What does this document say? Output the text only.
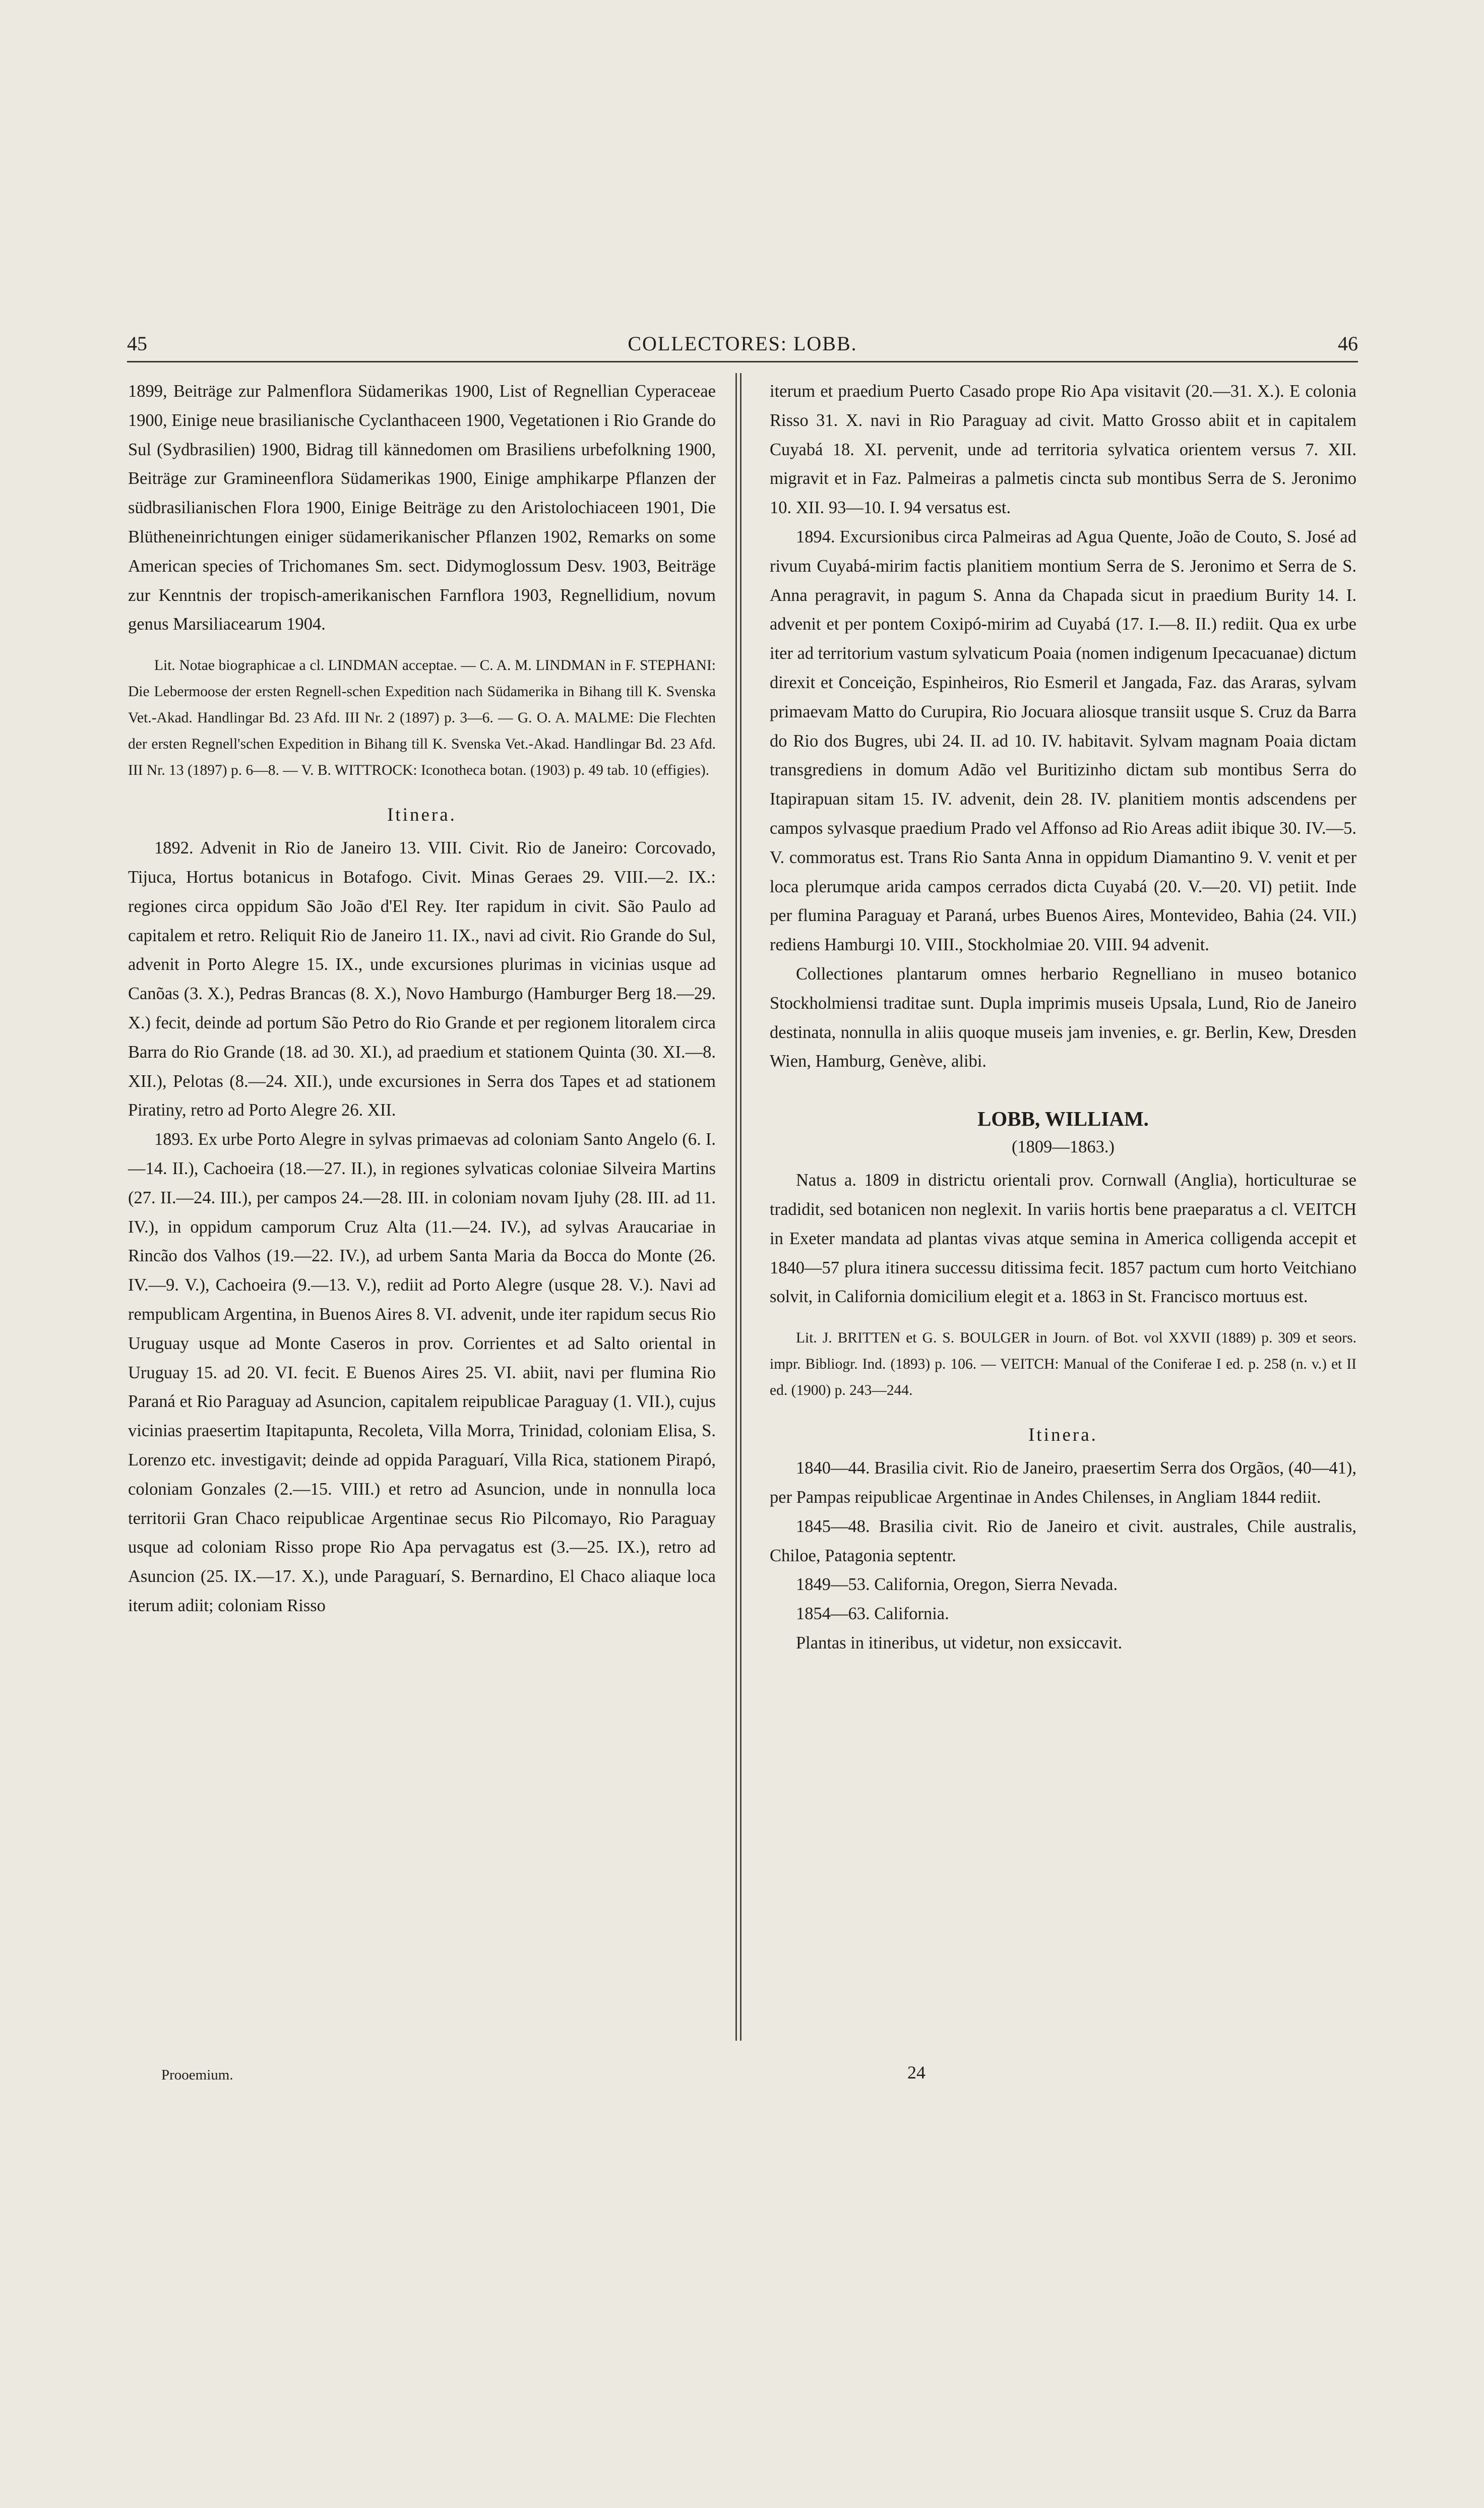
45	COLLECTORES: LOBB.	46

1899, Beiträge zur Palmenflora Südamerikas 1900, List of Regnellian Cyperaceae 1900, Einige neue brasilianische Cyclanthaceen 1900, Vegetationen i Rio Grande do Sul (Sydbrasilien) 1900, Bidrag till kännedomen om Brasiliens urbefolkning 1900, Beiträge zur Gramineenflora Südamerikas 1900, Einige amphikarpe Pflanzen der südbrasilianischen Flora 1900, Einige Beiträge zu den Aristolochiaceen 1901, Die Blütheneinrichtungen einiger südamerikanischer Pflanzen 1902, Remarks on some American species of Trichomanes Sm. sect. Didymoglossum Desv. 1903, Beiträge zur Kenntnis der tropisch-amerikanischen Farnflora 1903, Regnellidium, novum genus Marsiliacearum 1904.

Lit. Notae biographicae a cl. LINDMAN acceptae. — C. A. M. LINDMAN in F. STEPHANI: Die Lebermoose der ersten Regnell-schen Expedition nach Südamerika in Bihang till K. Svenska Vet.-Akad. Handlingar Bd. 23 Afd. III Nr. 2 (1897) p. 3—6. — G. O. A. MALME: Die Flechten der ersten Regnell'schen Expedition in Bihang till K. Svenska Vet.-Akad. Handlingar Bd. 23 Afd. III Nr. 13 (1897) p. 6—8. — V. B. WITTROCK: Iconotheca botan. (1903) p. 49 tab. 10 (effigies).

Itinera.

1892. Advenit in Rio de Janeiro 13. VIII. Civit. Rio de Janeiro: Corcovado, Tijuca, Hortus botanicus in Botafogo. Civit. Minas Geraes 29. VIII.—2. IX.: regiones circa oppidum São João d'El Rey. Iter rapidum in civit. São Paulo ad capitalem et retro. Reliquit Rio de Janeiro 11. IX., navi ad civit. Rio Grande do Sul, advenit in Porto Alegre 15. IX., unde excursiones plurimas in vicinias usque ad Canõas (3. X.), Pedras Brancas (8. X.), Novo Hamburgo (Hamburger Berg 18.—29. X.) fecit, deinde ad portum São Petro do Rio Grande et per regionem litoralem circa Barra do Rio Grande (18. ad 30. XI.), ad praedium et stationem Quinta (30. XI.—8. XII.), Pelotas (8.—24. XII.), unde excursiones in Serra dos Tapes et ad stationem Piratiny, retro ad Porto Alegre 26. XII.

1893. Ex urbe Porto Alegre in sylvas primaevas ad coloniam Santo Angelo (6. I.—14. II.), Cachoeira (18.—27. II.), in regiones sylvaticas coloniae Silveira Martins (27. II.—24. III.), per campos 24.—28. III. in coloniam novam Ijuhy (28. III. ad 11. IV.), in oppidum camporum Cruz Alta (11.—24. IV.), ad sylvas Araucariae in Rincão dos Valhos (19.—22. IV.), ad urbem Santa Maria da Bocca do Monte (26. IV.—9. V.), Cachoeira (9.—13. V.), rediit ad Porto Alegre (usque 28. V.). Navi ad rempublicam Argentina, in Buenos Aires 8. VI. advenit, unde iter rapidum secus Rio Uruguay usque ad Monte Caseros in prov. Corrientes et ad Salto oriental in Uruguay 15. ad 20. VI. fecit. E Buenos Aires 25. VI. abiit, navi per flumina Rio Paraná et Rio Paraguay ad Asuncion, capitalem reipublicae Paraguay (1. VII.), cujus vicinias praesertim Itapitapunta, Recoleta, Villa Morra, Trinidad, coloniam Elisa, S. Lorenzo etc. investigavit; deinde ad oppida Paraguarí, Villa Rica, stationem Pirapó, coloniam Gonzales (2.—15. VIII.) et retro ad Asuncion, unde in nonnulla loca territorii Gran Chaco reipublicae Argentinae secus Rio Pilcomayo, Rio Paraguay usque ad coloniam Risso prope Rio Apa pervagatus est (3.—25. IX.), retro ad Asuncion (25. IX.—17. X.), unde Paraguarí, S. Bernardino, El Chaco aliaque loca iterum adiit; coloniam Risso

iterum et praedium Puerto Casado prope Rio Apa visitavit (20.—31. X.). E colonia Risso 31. X. navi in Rio Paraguay ad civit. Matto Grosso abiit et in capitalem Cuyabá 18. XI. pervenit, unde ad territoria sylvatica orientem versus 7. XII. migravit et in Faz. Palmeiras a palmetis cincta sub montibus Serra de S. Jeronimo 10. XII. 93—10. I. 94 versatus est.

1894. Excursionibus circa Palmeiras ad Agua Quente, João de Couto, S. José ad rivum Cuyabá-mirim factis planitiem montium Serra de S. Jeronimo et Serra de S. Anna peragravit, in pagum S. Anna da Chapada sicut in praedium Burity 14. I. advenit et per pontem Coxipó-mirim ad Cuyabá (17. I.—8. II.) rediit. Qua ex urbe iter ad territorium vastum sylvaticum Poaia (nomen indigenum Ipecacuanae) dictum direxit et Conceição, Espinheiros, Rio Esmeril et Jangada, Faz. das Araras, sylvam primaevam Matto do Curupira, Rio Jocuara aliosque transiit usque S. Cruz da Barra do Rio dos Bugres, ubi 24. II. ad 10. IV. habitavit. Sylvam magnam Poaia dictam transgrediens in domum Adão vel Buritizinho dictam sub montibus Serra do Itapirapuan sitam 15. IV. advenit, dein 28. IV. planitiem montis adscendens per campos sylvasque praedium Prado vel Affonso ad Rio Areas adiit ibique 30. IV.—5. V. commoratus est. Trans Rio Santa Anna in oppidum Diamantino 9. V. venit et per loca plerumque arida campos cerrados dicta Cuyabá (20. V.—20. VI) petiit. Inde per flumina Paraguay et Paraná, urbes Buenos Aires, Montevideo, Bahia (24. VII.) rediens Hamburgi 10. VIII., Stockholmiae 20. VIII. 94 advenit.

Collectiones plantarum omnes herbario Regnelliano in museo botanico Stockholmiensi traditae sunt. Dupla imprimis museis Upsala, Lund, Rio de Janeiro destinata, nonnulla in aliis quoque museis jam invenies, e. gr. Berlin, Kew, Dresden Wien, Hamburg, Genève, alibi.

LOBB, WILLIAM.

(1809—1863.)

Natus a. 1809 in districtu orientali prov. Cornwall (Anglia), horticulturae se tradidit, sed botanicen non neglexit. In variis hortis bene praeparatus a cl. VEITCH in Exeter mandata ad plantas vivas atque semina in America colligenda accepit et 1840—57 plura itinera successu ditissima fecit. 1857 pactum cum horto Veitchiano solvit, in California domicilium elegit et a. 1863 in St. Francisco mortuus est.

Lit. J. BRITTEN et G. S. BOULGER in Journ. of Bot. vol XXVII (1889) p. 309 et seors. impr. Bibliogr. Ind. (1893) p. 106. — VEITCH: Manual of the Coniferae I ed. p. 258 (n. v.) et II ed. (1900) p. 243—244.

Itinera.

1840—44. Brasilia civit. Rio de Janeiro, praesertim Serra dos Orgãos, (40—41), per Pampas reipublicae Argentinae in Andes Chilenses, in Angliam 1844 rediit.

1845—48. Brasilia civit. Rio de Janeiro et civit. australes, Chile australis, Chiloe, Patagonia septentr.

1849—53. California, Oregon, Sierra Nevada.

1854—63. California.

Plantas in itineribus, ut videtur, non exsiccavit.

Prooemium.	24
